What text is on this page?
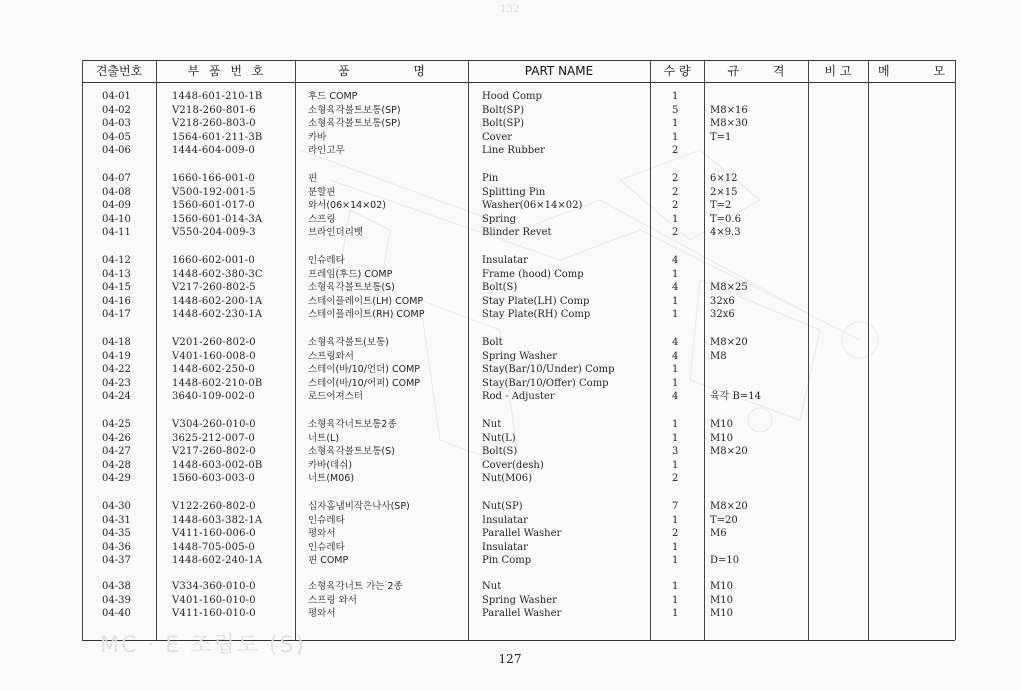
132
견출번호	부 품 번 호	품 명	PART NAME	수 량	규 격	비 고	메 모
04-01	1448-601-210-1B	후드 COMP	Hood Comp	1
04-02	V218-260-801-6	소형육각볼트보통(SP)	Bolt(SP)	5	M8×16
04-03	V218-260-803-0	소형육각볼트보통(SP)	Bolt(SP)	1	M8×30
04-05	1564-601-211-3B	카바	Cover	1	T=1
04-06	1444-604-009-0	라인고무	Line Rubber	2
04-07	1660-166-001-0	핀	Pin	2	6×12
04-08	V500-192-001-5	분할핀	Splitting Pin	2	2×15
04-09	1560-601-017-0	와서(06×14×02)	Washer(06×14×02)	2	T=2
04-10	1560-601-014-3A	스프링	Spring	1	T=0.6
04-11	V550-204-009-3	브라인더리벳	Blinder Revet	2	4×9.3
04-12	1660-602-001-0	인슈레타	Insulatar	4
04-13	1448-602-380-3C	프레임(후드) COMP	Frame (hood) Comp	1
04-15	V217-260-802-5	소형육각볼트보통(S)	Bolt(S)	4	M8×25
04-16	1448-602-200-1A	스테이플레이트(LH) COMP	Stay Plate(LH) Comp	1	32x6
04-17	1448-602-230-1A	스테이플레이트(RH) COMP	Stay Plate(RH) Comp	1	32x6
04-18	V201-260-802-0	소형육각볼트(보통)	Bolt	4	M8×20
04-19	V401-160-008-0	스프링와서	Spring Washer	4	M8
04-22	1448-602-250-0	스테이(바/10/언더) COMP	Stay(Bar/10/Under) Comp	1
04-23	1448-602-210-0B	스테이(바/10/어퍼) COMP	Stay(Bar/10/Offer) Comp	1
04-24	3640-109-002-0	로드어져스터	Rod - Adjuster	4	육각 B=14
04-25	V304-260-010-0	소형육각너트보통2종	Nut	1	M10
04-26	3625-212-007-0	너트(L)	Nut(L)	1	M10
04-27	V217-260-802-0	소형육각볼트보통(S)	Bolt(S)	3	M8×20
04-28	1448-603-002-0B	카바(데쉬)	Cover(desh)	1
04-29	1560-603-003-0	너트(M06)	Nut(M06)	2
04-30	V122-260-802-0	십자홈냄비작은나사(SP)	Nut(SP)	7	M8×20
04-31	1448-603-382-1A	인슈레타	Insulatar	1	T=20
04-35	V411-160-006-0	평와서	Parallel Washer	2	M6
04-36	1448-705-005-0	인슈레타	Insulatar	1
04-37	1448-602-240-1A	핀 COMP	Pin Comp	1	D=10
04-38	V334-360-010-0	소형육각너트 가는 2종	Nut	1	M10
04-39	V401-160-010-0	스프링 와서	Spring Washer	1	M10
04-40	V411-160-010-0	평와서	Parallel Washer	1	M10
MC · E 조립도 (S)
127
